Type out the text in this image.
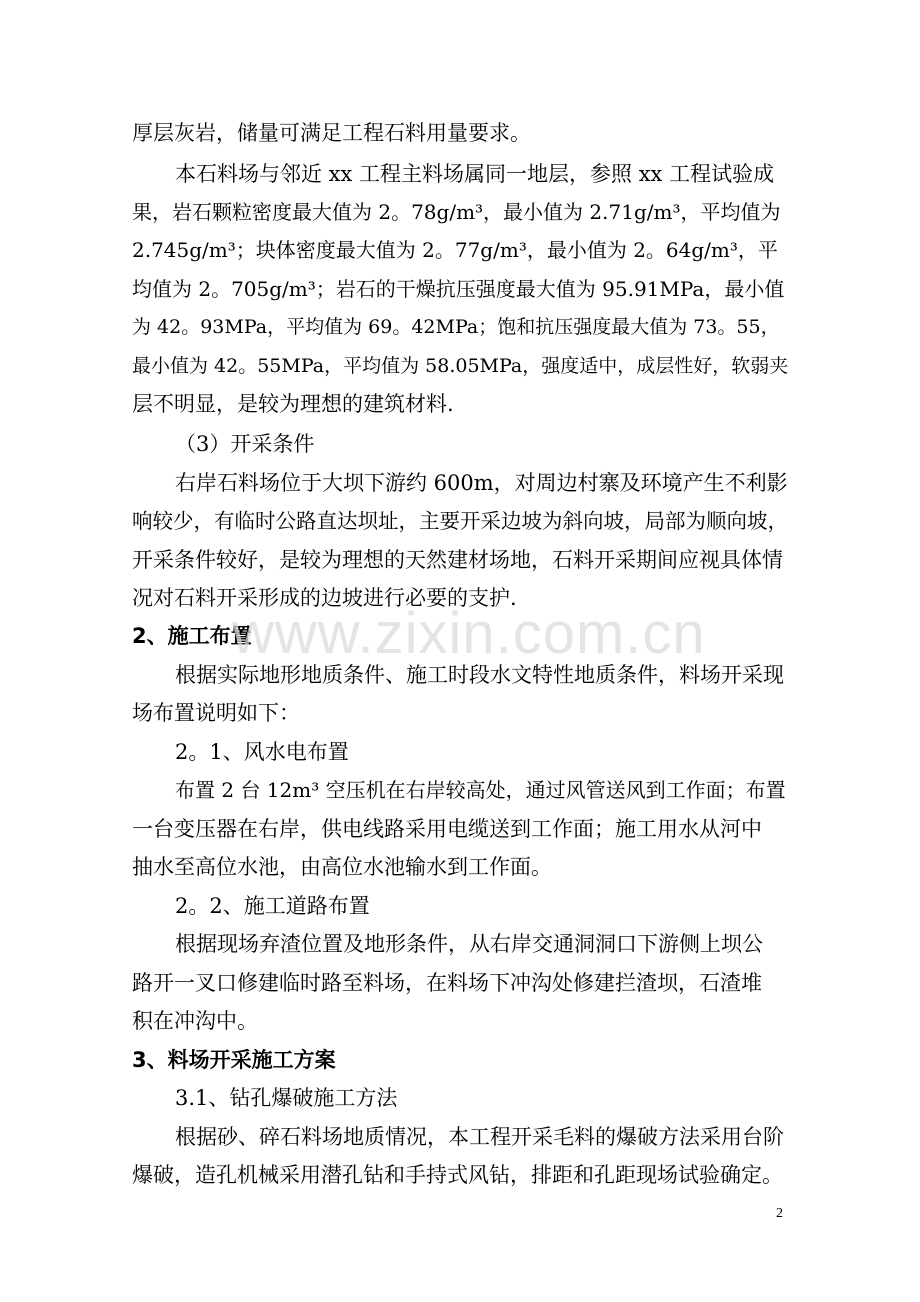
厚层灰岩，储量可满足工程石料用量要求。
本石料场与邻近 xx 工程主料场属同一地层，参照 xx 工程试验成
果，岩石颗粒密度最大值为 2。78g/m³，最小值为 2.71g/m³，平均值为
2.745g/m³；块体密度最大值为 2。77g/m³，最小值为 2。64g/m³，平
均值为 2。705g/m³；岩石的干燥抗压强度最大值为 95.91MPa，最小值
为 42。93MPa，平均值为 69。42MPa；饱和抗压强度最大值为 73。55，
最小值为 42。55MPa，平均值为 58.05MPa，强度适中，成层性好，软弱夹
层不明显，是较为理想的建筑材料.
（3）开采条件
右岸石料场位于大坝下游约 600m，对周边村寨及环境产生不利影
响较少，有临时公路直达坝址，主要开采边坡为斜向坡，局部为顺向坡，
开采条件较好，是较为理想的天然建材场地，石料开采期间应视具体情
况对石料开采形成的边坡进行必要的支护.
2、施工布置
根据实际地形地质条件、施工时段水文特性地质条件，料场开采现
场布置说明如下：
2。1、风水电布置
布置 2 台 12m³ 空压机在右岸较高处，通过风管送风到工作面；布置
一台变压器在右岸，供电线路采用电缆送到工作面；施工用水从河中
抽水至高位水池，由高位水池输水到工作面。
2。2、施工道路布置
根据现场弃渣位置及地形条件，从右岸交通洞洞口下游侧上坝公
路开一叉口修建临时路至料场，在料场下冲沟处修建拦渣坝，石渣堆
积在冲沟中。
3、料场开采施工方案
3.1、钻孔爆破施工方法
根据砂、碎石料场地质情况，本工程开采毛料的爆破方法采用台阶
爆破，造孔机械采用潜孔钻和手持式风钻，排距和孔距现场试验确定。
www.zixin.com.cn
2
